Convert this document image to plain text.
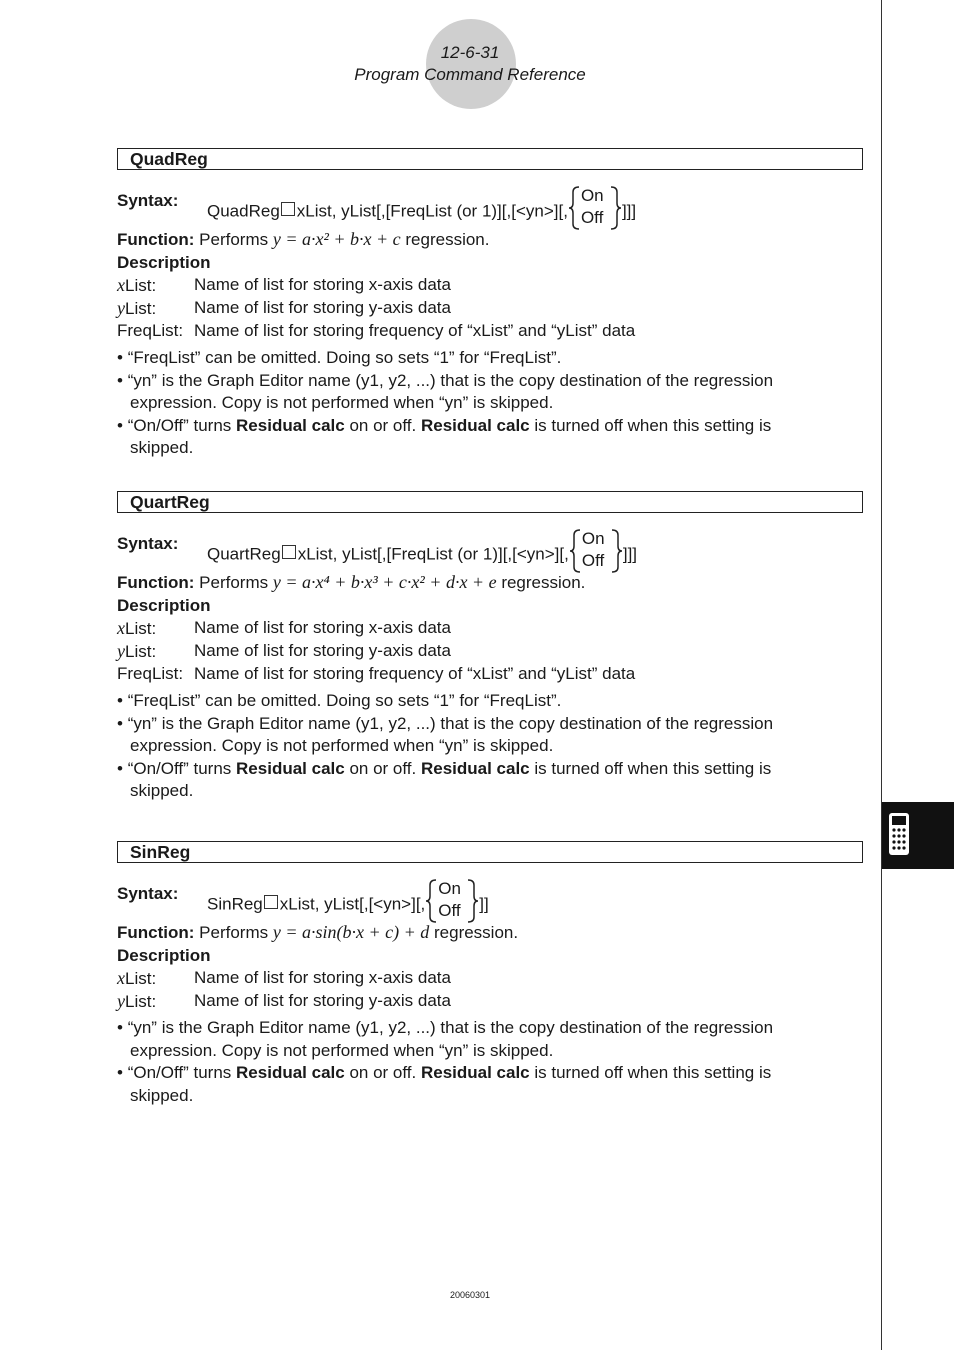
12-6-31
Program Command Reference
QuadReg
Syntax:
QuadReg xList, yList[,[FreqList (or 1)][,[<yn>][,
On
Off ]]]
Function: Performs y = a·x² + b·x + c regression.
Description
xList: Name of list for storing x-axis data
yList: Name of list for storing y-axis data
FreqList: Name of list for storing frequency of “xList” and “yList” data
• “FreqList” can be omitted. Doing so sets “1” for “FreqList”.
• “yn” is the Graph Editor name (y1, y2, ...) that is the copy destination of the regression
expression. Copy is not performed when “yn” is skipped.
• “On/Off” turns Residual calc on or off. Residual calc is turned off when this setting is
skipped.
QuartReg
Syntax:
QuartReg xList, yList[,[FreqList (or 1)][,[<yn>][,
On
Off ]]]
Function: Performs y = a·x⁴ + b·x³ + c·x² + d·x + e regression.
Description
xList: Name of list for storing x-axis data
yList: Name of list for storing y-axis data
FreqList: Name of list for storing frequency of “xList” and “yList” data
• “FreqList” can be omitted. Doing so sets “1” for “FreqList”.
• “yn” is the Graph Editor name (y1, y2, ...) that is the copy destination of the regression
expression. Copy is not performed when “yn” is skipped.
• “On/Off” turns Residual calc on or off. Residual calc is turned off when this setting is
skipped.
SinReg
Syntax:
SinReg xList, yList[,[<yn>][,
On
Off ]]
Function: Performs y = a·sin(b·x + c) + d regression.
Description
xList: Name of list for storing x-axis data
yList: Name of list for storing y-axis data
• “yn” is the Graph Editor name (y1, y2, ...) that is the copy destination of the regression
expression. Copy is not performed when “yn” is skipped.
• “On/Off” turns Residual calc on or off. Residual calc is turned off when this setting is
skipped.
20060301
